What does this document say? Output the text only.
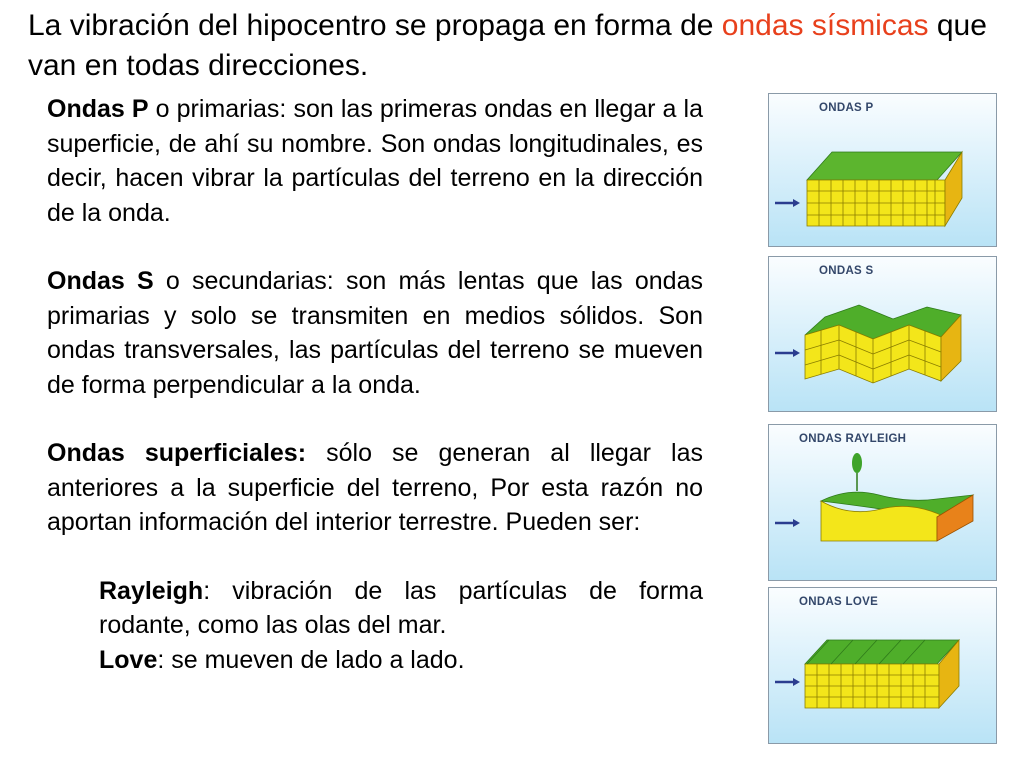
La vibración del hipocentro se propaga en forma de ondas sísmicas que van en todas direcciones.

Ondas P o primarias: son las primeras ondas en llegar a la superficie, de ahí su nombre. Son ondas longitudinales, es decir, hacen vibrar la partículas del terreno en la dirección de la onda.

Ondas S o secundarias: son más lentas que las ondas primarias y solo se transmiten en medios sólidos. Son ondas transversales, las partículas del terreno se mueven de forma perpendicular a la onda.

Ondas superficiales: sólo se generan al llegar las anteriores a la superficie del terreno, Por esta razón no aportan información del interior terrestre. Pueden ser:

Rayleigh: vibración de las partículas de forma rodante, como las olas del mar.

Love: se mueven de lado a lado.

ONDAS P
ONDAS S
ONDAS RAYLEIGH
ONDAS LOVE
